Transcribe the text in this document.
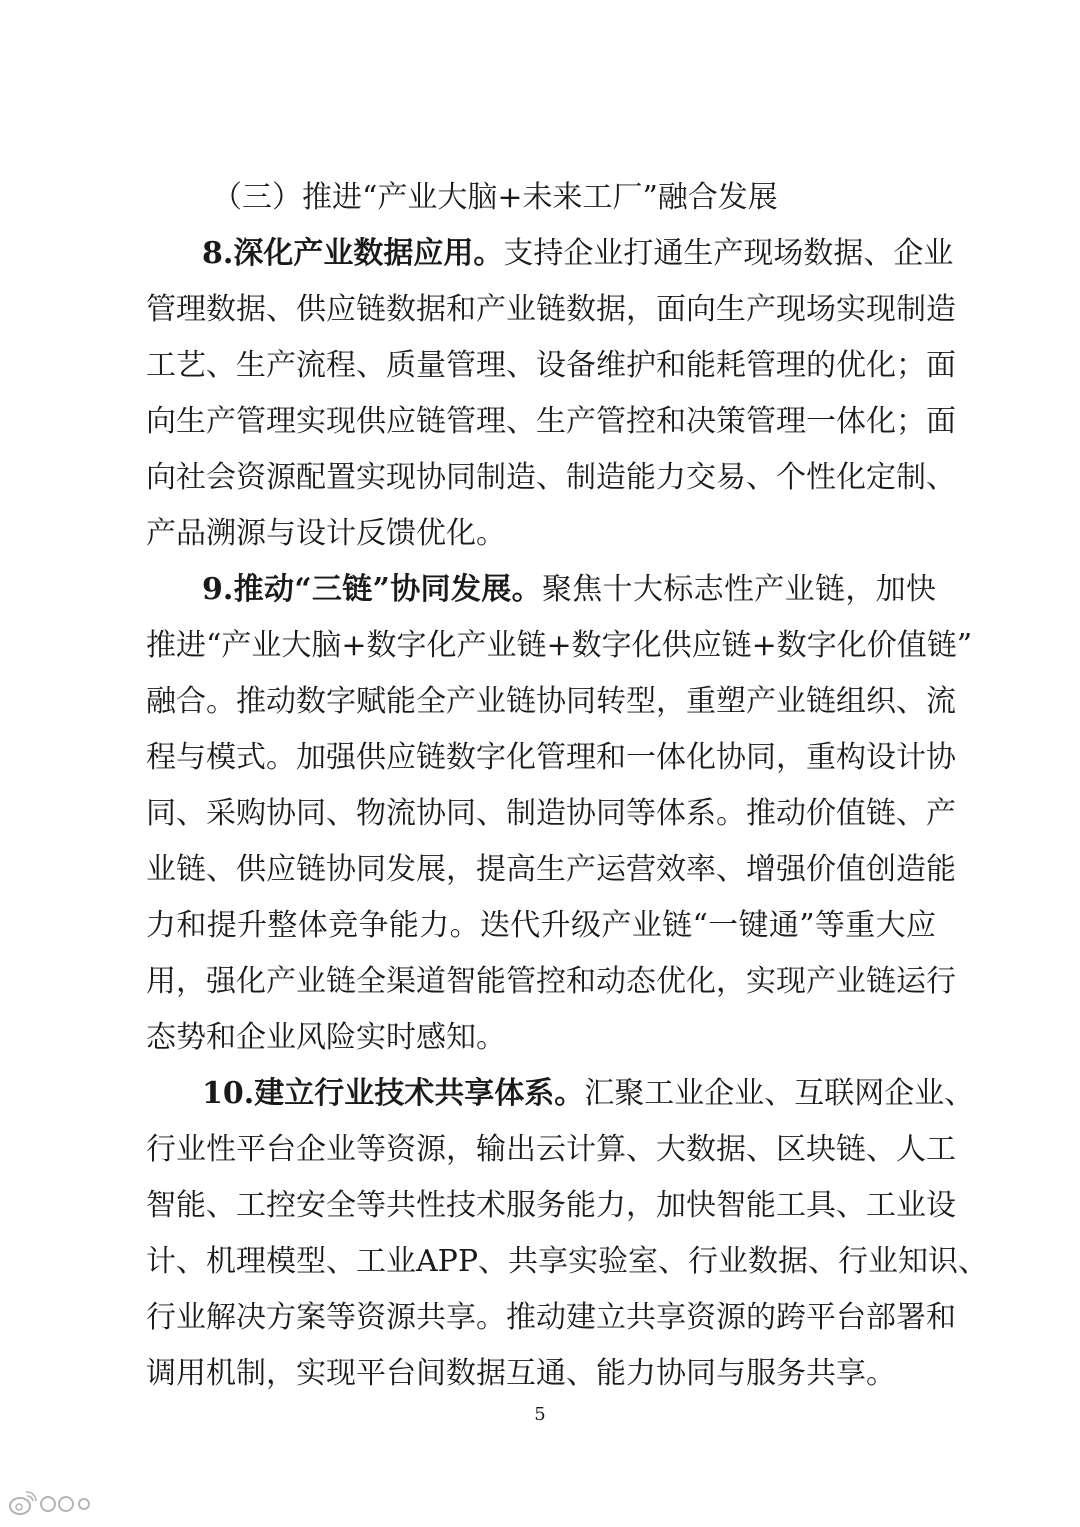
（三）推进“产业大脑+未来工厂”融合发展
8.深化产业数据应用。支持企业打通生产现场数据、企业
管理数据、供应链数据和产业链数据，面向生产现场实现制造
工艺、生产流程、质量管理、设备维护和能耗管理的优化；面
向生产管理实现供应链管理、生产管控和决策管理一体化；面
向社会资源配置实现协同制造、制造能力交易、个性化定制、
产品溯源与设计反馈优化。
9.推动“三链”协同发展。聚焦十大标志性产业链，加快
推进“产业大脑+数字化产业链+数字化供应链+数字化价值链”
融合。推动数字赋能全产业链协同转型，重塑产业链组织、流
程与模式。加强供应链数字化管理和一体化协同，重构设计协
同、采购协同、物流协同、制造协同等体系。推动价值链、产
业链、供应链协同发展，提高生产运营效率、增强价值创造能
力和提升整体竞争能力。迭代升级产业链“一键通”等重大应
用，强化产业链全渠道智能管控和动态优化，实现产业链运行
态势和企业风险实时感知。
10.建立行业技术共享体系。汇聚工业企业、互联网企业、
行业性平台企业等资源，输出云计算、大数据、区块链、人工
智能、工控安全等共性技术服务能力，加快智能工具、工业设
计、机理模型、工业APP、共享实验室、行业数据、行业知识、
行业解决方案等资源共享。推动建立共享资源的跨平台部署和
调用机制，实现平台间数据互通、能力协同与服务共享。
5
